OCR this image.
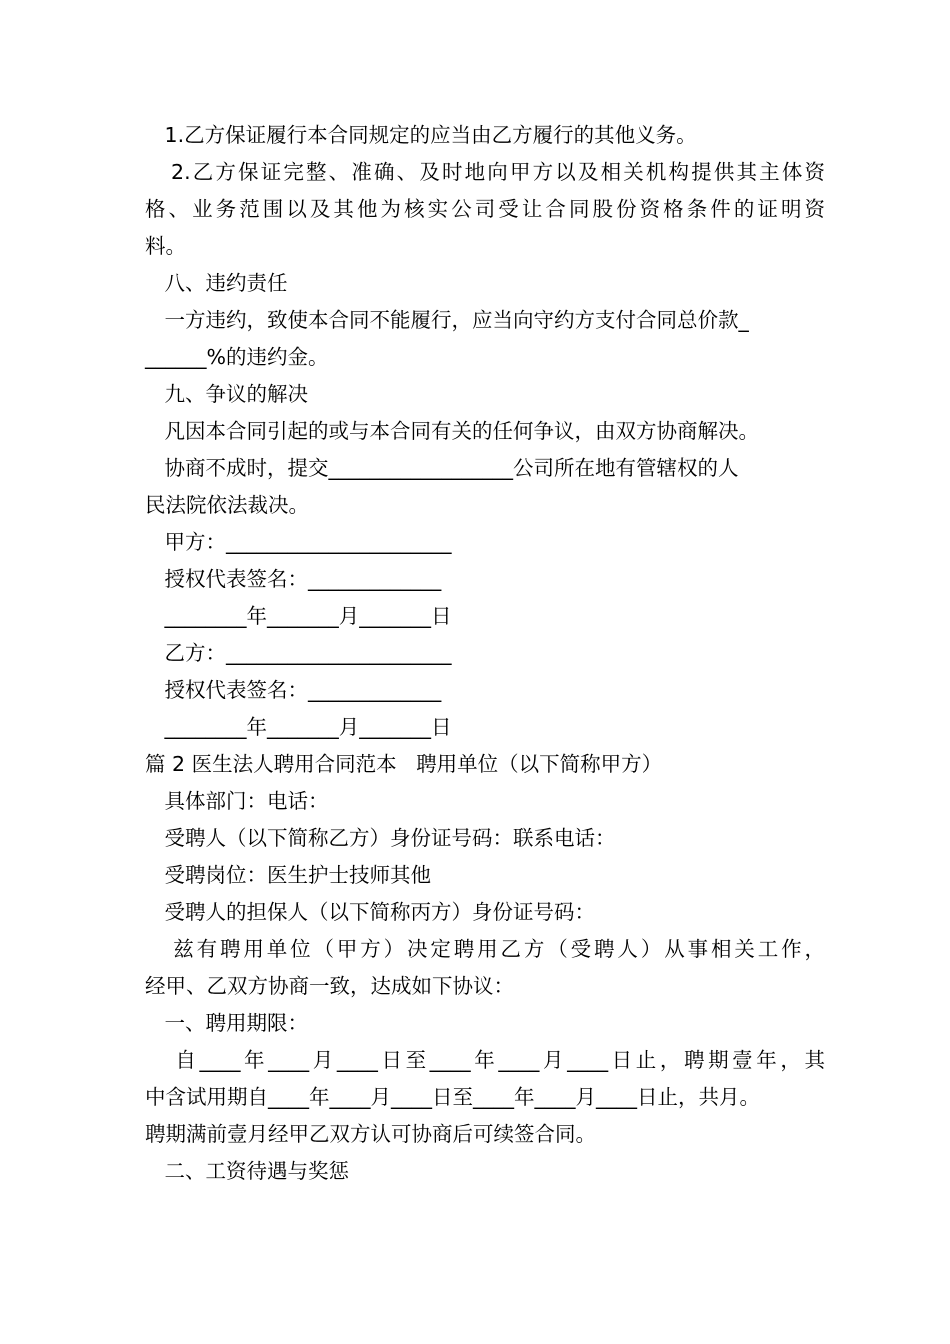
1.乙方保证履行本合同规定的应当由乙方履行的其他义务。
2.乙方保证完整、准确、及时地向甲方以及相关机构提供其主体资
格、业务范围以及其他为核实公司受让合同股份资格条件的证明资
料。
八、违约责任
一方违约，致使本合同不能履行，应当向守约方支付合同总价款_
______%的违约金。
九、争议的解决
凡因本合同引起的或与本合同有关的任何争议，由双方协商解决。
协商不成时，提交__________________公司所在地有管辖权的人
民法院依法裁决。
甲方：______________________
授权代表签名：_____________
________年_______月_______日
乙方：______________________
授权代表签名：_____________
________年_______月_______日
篇 2 医生法人聘用合同范本   聘用单位（以下简称甲方）
具体部门：电话：
受聘人（以下简称乙方）身份证号码：联系电话：
受聘岗位：医生护士技师其他
受聘人的担保人（以下简称丙方）身份证号码：
兹有聘用单位（甲方）决定聘用乙方（受聘人）从事相关工作，
经甲、乙双方协商一致，达成如下协议：
一、聘用期限：
自____年____月____日至____年____月____日止，聘期壹年，其
中含试用期自____年____月____日至____年____月____日止，共月。
聘期满前壹月经甲乙双方认可协商后可续签合同。
二、工资待遇与奖惩
